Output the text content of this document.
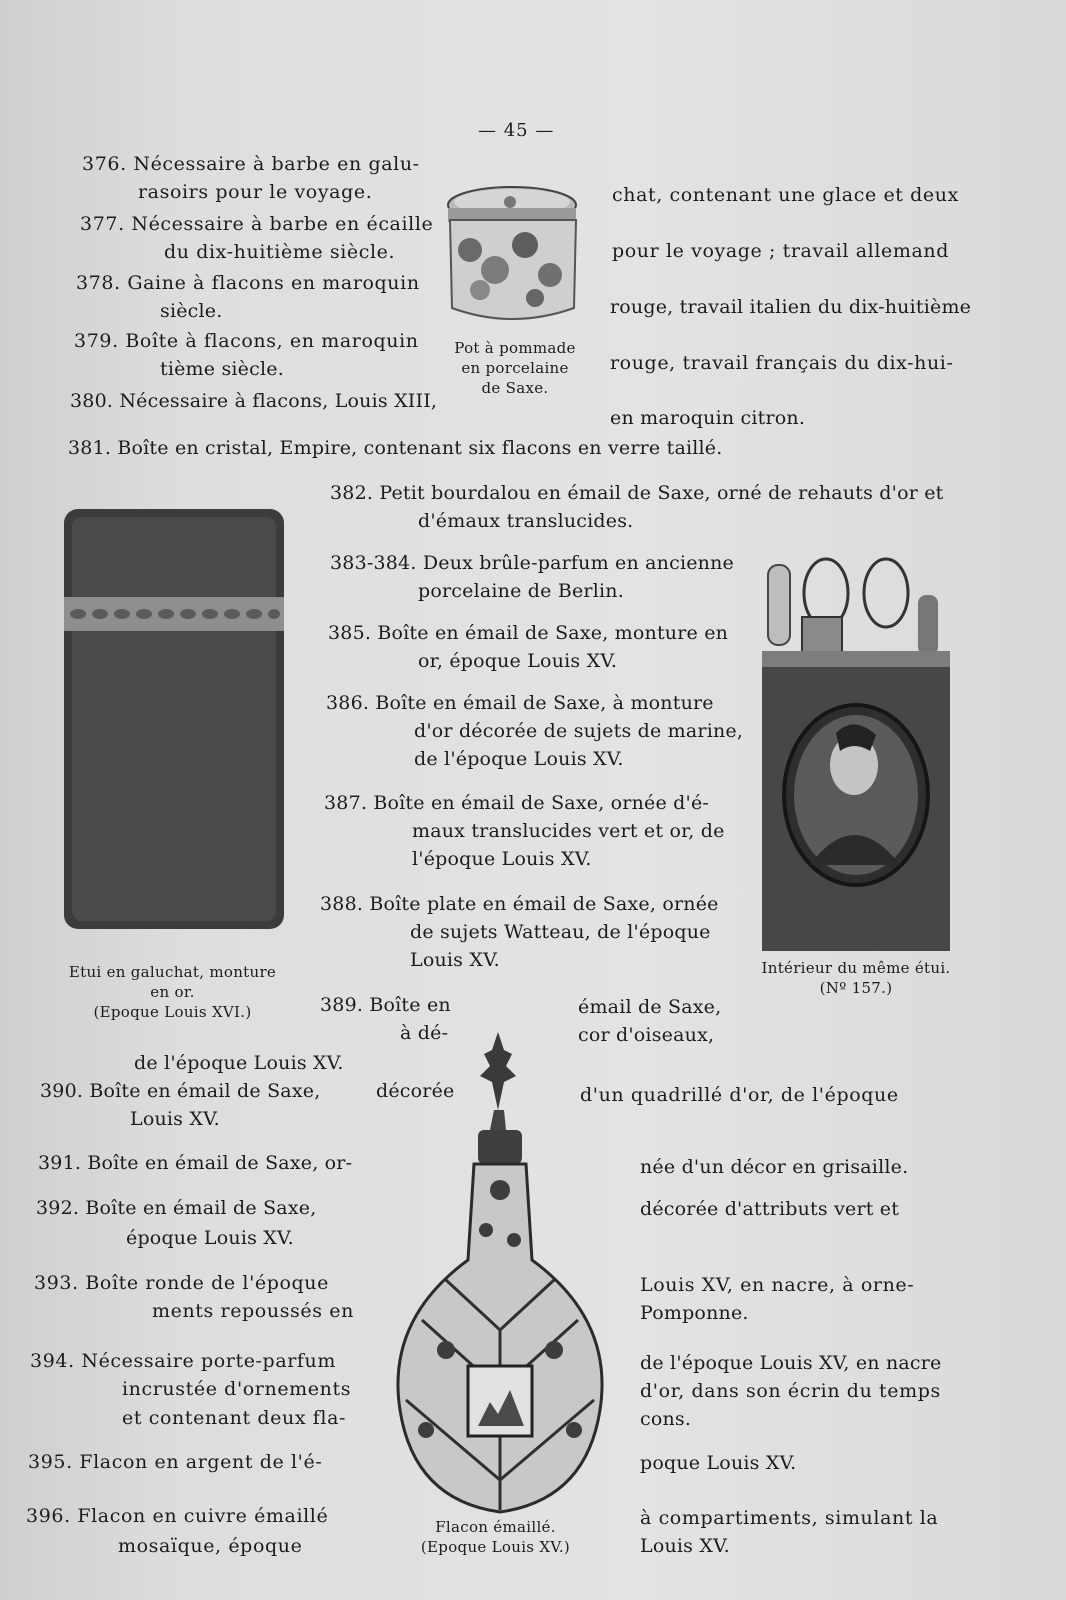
— 45 —
376. Nécessaire à barbe en galu-
rasoirs pour le voyage.
377. Nécessaire à barbe en écaille
du dix-huitième siècle.
378. Gaine à flacons en maroquin
siècle.
379. Boîte à flacons, en maroquin
tième siècle.
380. Nécessaire à flacons, Louis XIII,
chat, contenant une glace et deux
pour le voyage ; travail allemand
rouge, travail italien du dix-huitième
rouge, travail français du dix-hui-
en maroquin citron.
Pot à pommade
en porcelaine
de Saxe.
381. Boîte en cristal, Empire, contenant six flacons en verre taillé.
Etui en galuchat, monture
en or.
(Epoque Louis XVI.)
382. Petit bourdalou en émail de Saxe, orné de rehauts d'or et
d'émaux translucides.
383-384. Deux brûle-parfum en ancienne
porcelaine de Berlin.
385. Boîte en émail de Saxe, monture en
or, époque Louis XV.
386. Boîte en émail de Saxe, à monture
d'or décorée de sujets de marine,
de l'époque Louis XV.
387. Boîte en émail de Saxe, ornée d'é-
maux translucides vert et or, de
l'époque Louis XV.
388. Boîte plate en émail de Saxe, ornée
de sujets Watteau, de l'époque
Louis XV.	Intérieur du même étui.
(Nº 157.)
389. Boîte en
à dé-
émail de Saxe,
cor d'oiseaux,
de l'époque Louis XV.
Flacon émaillé.
(Epoque Louis XV.)
390. Boîte en émail de Saxe,	décorée	d'un quadrillé d'or, de l'époque
Louis XV.
391. Boîte en émail de Saxe, or-	née d'un décor en grisaille.
392. Boîte en émail de Saxe,	décorée d'attributs vert et
époque Louis XV.
393. Boîte ronde de l'époque	Louis XV, en nacre, à orne-
ments repoussés en	Pomponne.
394. Nécessaire porte-parfum	de l'époque Louis XV, en nacre
incrustée d'ornements	d'or, dans son écrin du temps
et contenant deux fla-	cons.
395. Flacon en argent de l'é-	poque Louis XV.
396. Flacon en cuivre émaillé	à compartiments, simulant la
mosaïque, époque	Louis XV.
